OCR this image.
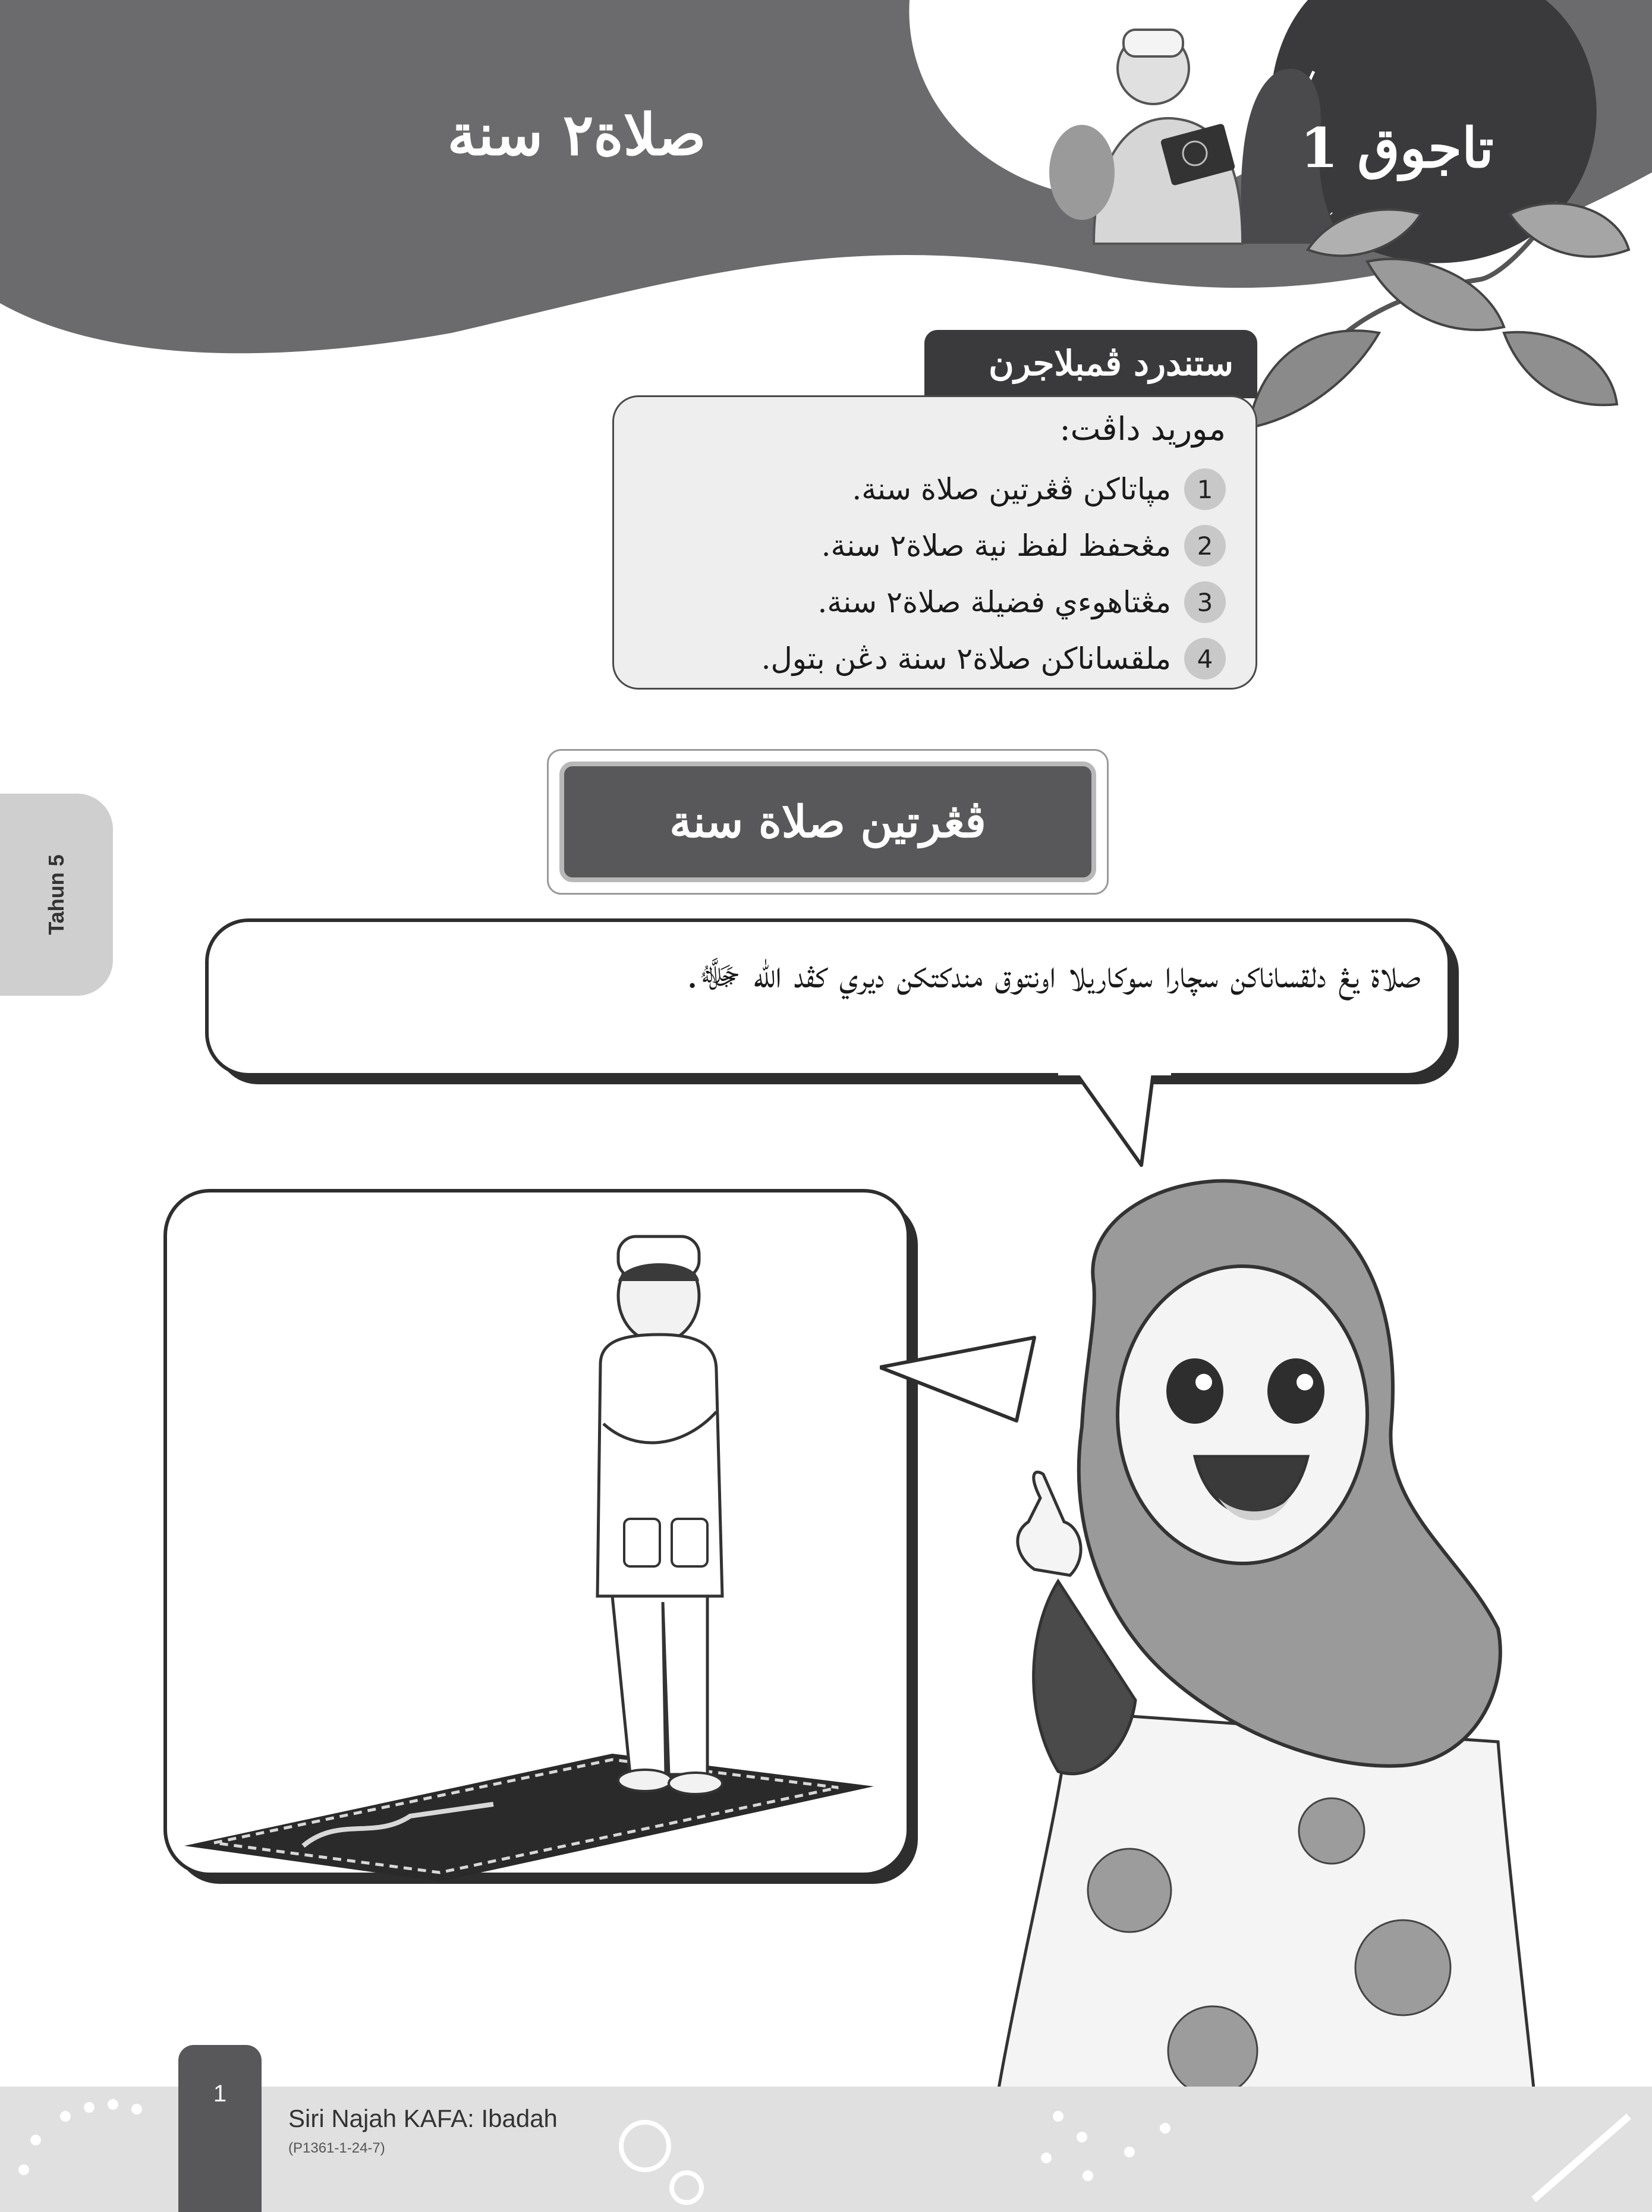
صلاة٢ سنة	تاجوق 1
ستندرد ڤمبلاجرن
موريد داڤت:
1
مپاتاكن ڤڠرتين صلاة سنة.
2
مڠحفظ لفظ نية صلاة٢ سنة.
3
مڠتاهوءي فضيلة صلاة٢ سنة.
4
ملقساناكن صلاة٢ سنة دڠن بتول.
Tahun 5
ڤڠرتين صلاة سنة
صلاة يڠ دلقساناكن سچارا سوكاريلا اونتوق مندكتكن ديري كڤد الله ﷻ.
1
Siri Najah KAFA: Ibadah
(P1361-1-24-7)
